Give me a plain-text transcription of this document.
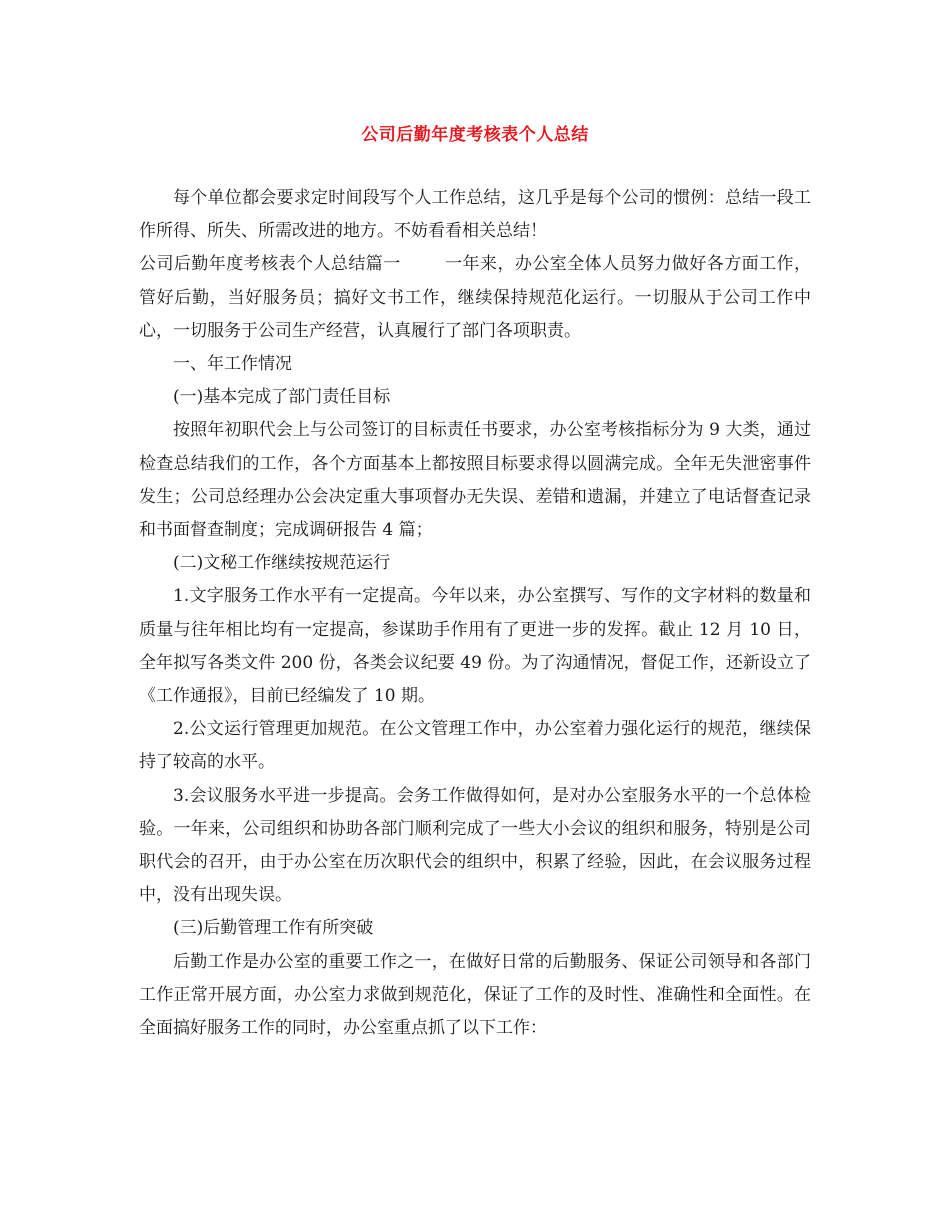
公司后勤年度考核表个人总结

每个单位都会要求定时间段写个人工作总结，这几乎是每个公司的惯例：总结一段工作所得、所失、所需改进的地方。不妨看看相关总结！

公司后勤年度考核表个人总结篇一	一年来，办公室全体人员努力做好各方面工作，管好后勤，当好服务员；搞好文书工作，继续保持规范化运行。一切服从于公司工作中心，一切服务于公司生产经营，认真履行了部门各项职责。

一、年工作情况

(一)基本完成了部门责任目标

按照年初职代会上与公司签订的目标责任书要求，办公室考核指标分为 9 大类，通过检查总结我们的工作，各个方面基本上都按照目标要求得以圆满完成。全年无失泄密事件发生；公司总经理办公会决定重大事项督办无失误、差错和遗漏，并建立了电话督查记录和书面督查制度；完成调研报告 4 篇；

(二)文秘工作继续按规范运行

1.文字服务工作水平有一定提高。今年以来，办公室撰写、写作的文字材料的数量和质量与往年相比均有一定提高，参谋助手作用有了更进一步的发挥。截止 12 月 10 日，全年拟写各类文件 200 份，各类会议纪要 49 份。为了沟通情况，督促工作，还新设立了《工作通报》，目前已经编发了 10 期。

2.公文运行管理更加规范。在公文管理工作中，办公室着力强化运行的规范，继续保持了较高的水平。

3.会议服务水平进一步提高。会务工作做得如何，是对办公室服务水平的一个总体检验。一年来，公司组织和协助各部门顺利完成了一些大小会议的组织和服务，特别是公司职代会的召开，由于办公室在历次职代会的组织中，积累了经验，因此，在会议服务过程中，没有出现失误。

(三)后勤管理工作有所突破

后勤工作是办公室的重要工作之一，在做好日常的后勤服务、保证公司领导和各部门工作正常开展方面，办公室力求做到规范化，保证了工作的及时性、准确性和全面性。在全面搞好服务工作的同时，办公室重点抓了以下工作：
